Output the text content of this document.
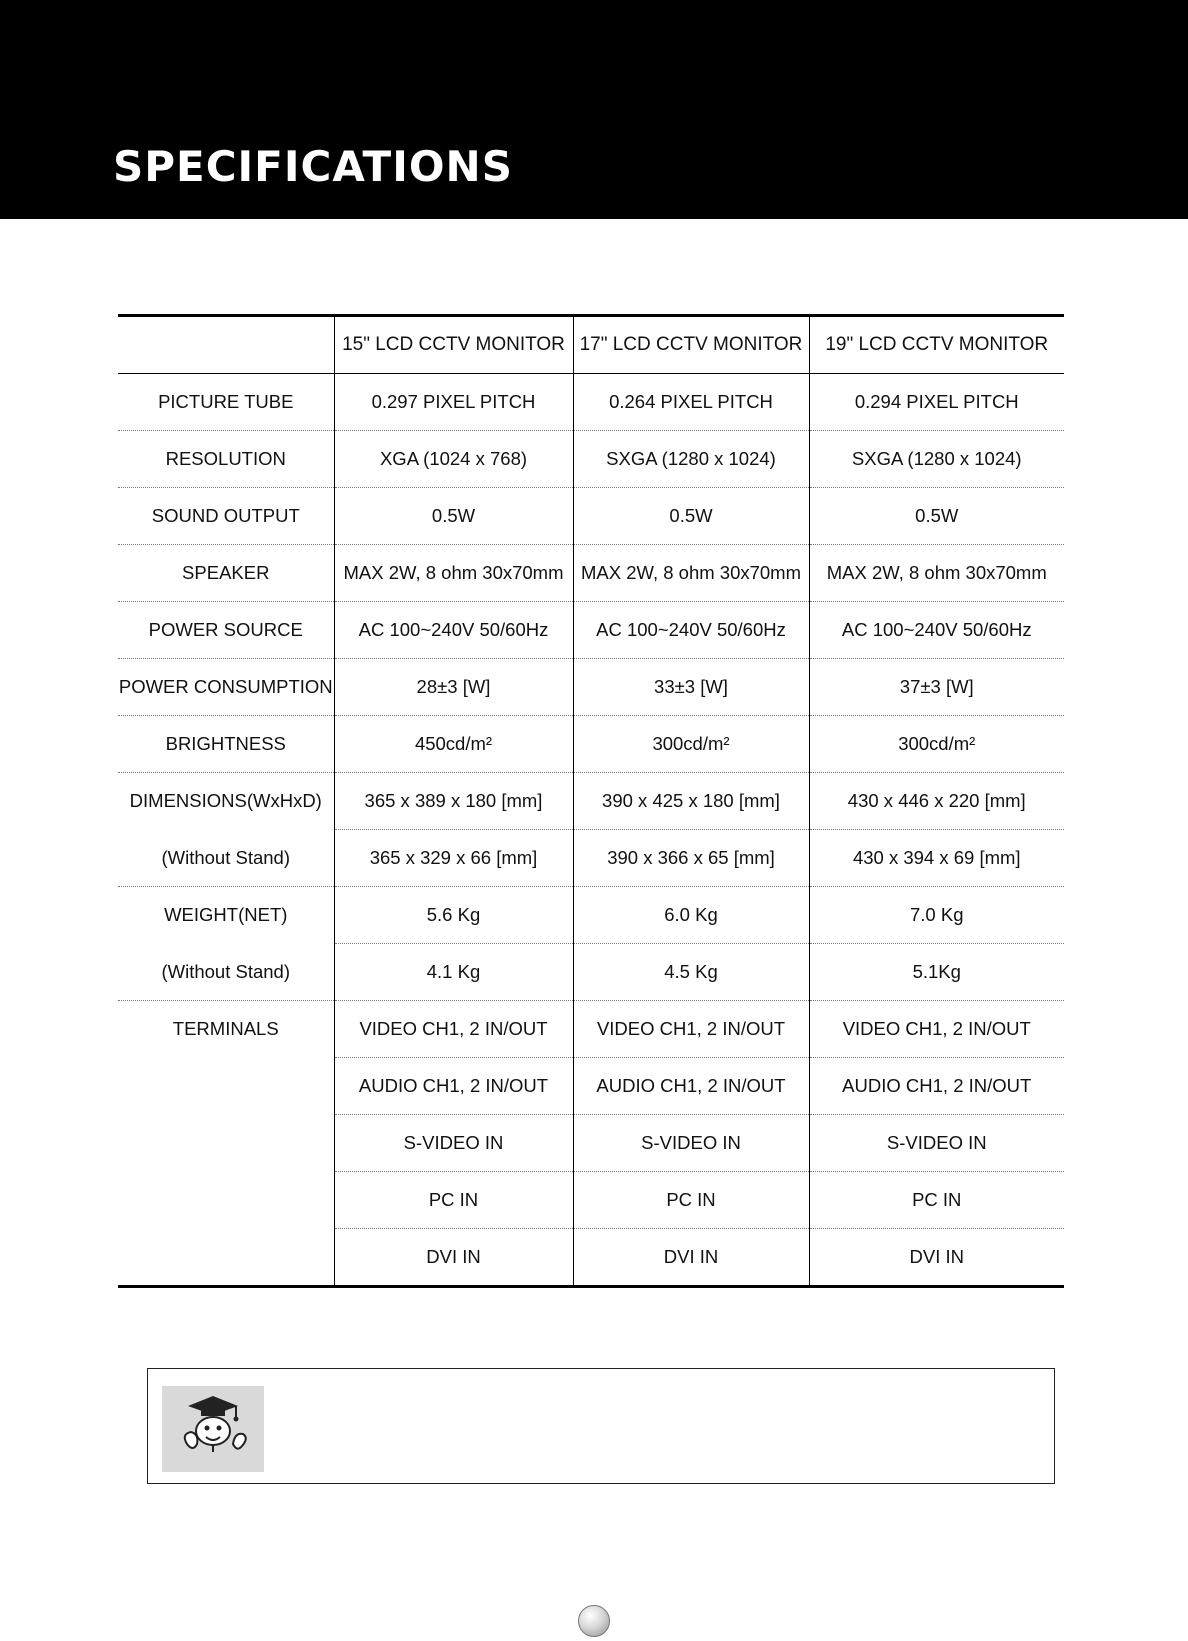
SPECIFICATIONS
	15" LCD CCTV MONITOR	17" LCD CCTV MONITOR	19" LCD CCTV MONITOR
PICTURE TUBE	0.297 PIXEL PITCH	0.264 PIXEL PITCH	0.294 PIXEL PITCH
RESOLUTION	XGA (1024 x 768)	SXGA (1280 x 1024)	SXGA (1280 x 1024)
SOUND OUTPUT	0.5W	0.5W	0.5W
SPEAKER	MAX 2W, 8 ohm 30x70mm	MAX 2W, 8 ohm 30x70mm	MAX 2W, 8 ohm 30x70mm
POWER SOURCE	AC 100~240V 50/60Hz	AC 100~240V 50/60Hz	AC 100~240V 50/60Hz
POWER CONSUMPTION	28±3 [W]	33±3 [W]	37±3 [W]
BRIGHTNESS	450cd/m²	300cd/m²	300cd/m²
DIMENSIONS(WxHxD)	365 x 389 x 180 [mm]	390 x 425 x 180 [mm]	430 x 446 x 220 [mm]
(Without Stand)	365 x 329 x 66 [mm]	390 x 366 x 65 [mm]	430 x 394 x 69 [mm]
WEIGHT(NET)	5.6 Kg	6.0 Kg	7.0 Kg
(Without Stand)	4.1 Kg	4.5 Kg	5.1Kg
TERMINALS	VIDEO CH1, 2 IN/OUT	VIDEO CH1, 2 IN/OUT	VIDEO CH1, 2 IN/OUT
	AUDIO CH1, 2 IN/OUT	AUDIO CH1, 2 IN/OUT	AUDIO CH1, 2 IN/OUT
	S-VIDEO IN	S-VIDEO IN	S-VIDEO IN
	PC IN	PC IN	PC IN
	DVI IN	DVI IN	DVI IN
